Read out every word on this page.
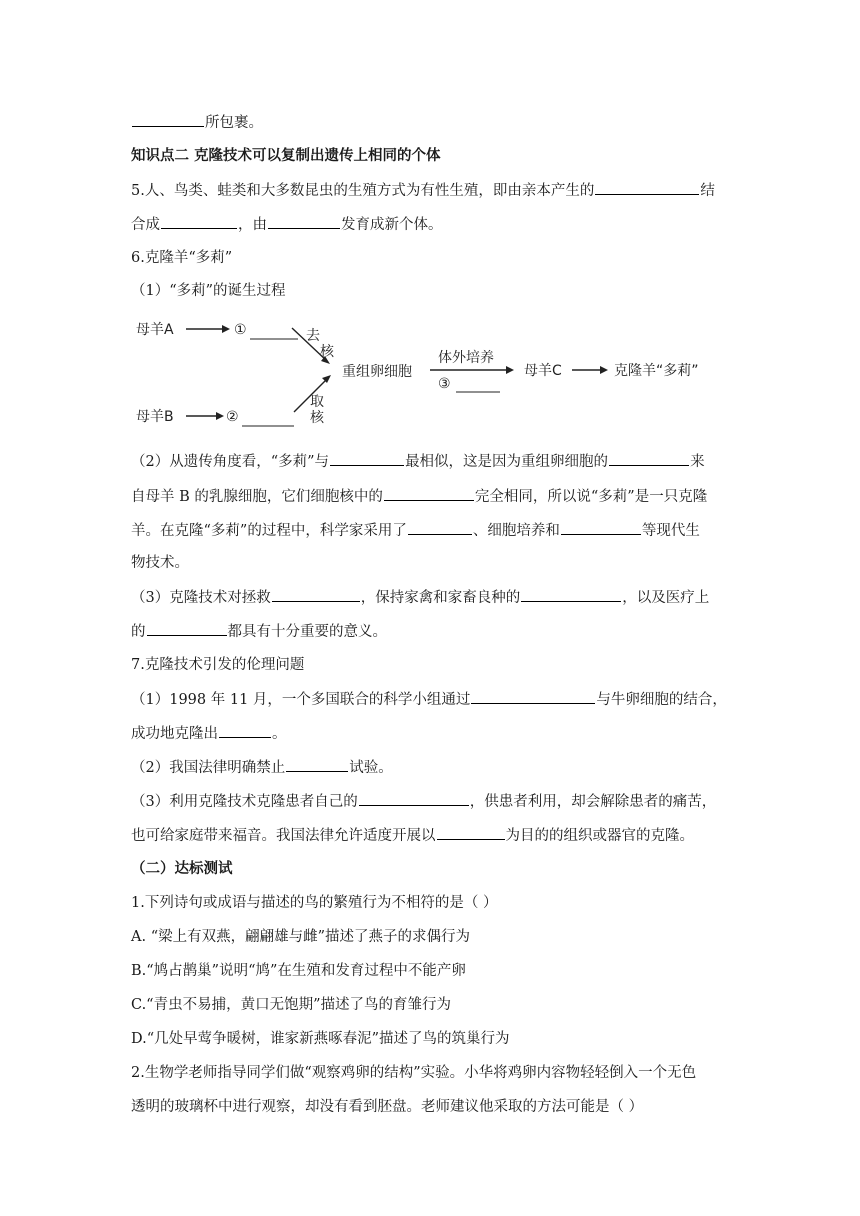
所包裹。
知识点二 克隆技术可以复制出遗传上相同的个体
5.人、鸟类、蛙类和大多数昆虫的生殖方式为有性生殖，即由亲本产生的	结
合成	，由	发育成新个体。
6.克隆羊“多莉”
（1）“多莉”的诞生过程
母羊A	①	去
核
母羊B	②
取
核
重组卵细胞
体外培养
③
母羊C	克隆羊“多莉”
（2）从遗传角度看，“多莉”与	最相似，这是因为重组卵细胞的	来
自母羊 B 的乳腺细胞，它们细胞核中的	完全相同，所以说“多莉”是一只克隆
羊。在克隆“多莉”的过程中，科学家采用了	、细胞培养和	等现代生
物技术。
（3）克隆技术对拯救	，保持家禽和家畜良种的	，以及医疗上
的	都具有十分重要的意义。
7.克隆技术引发的伦理问题
（1）1998 年 11 月，一个多国联合的科学小组通过	与牛卵细胞的结合，
成功地克隆出	。
（2）我国法律明确禁止	试验。
（3）利用克隆技术克隆患者自己的	，供患者利用，却会解除患者的痛苦，
也可给家庭带来福音。我国法律允许适度开展以	为目的的组织或器官的克隆。
（二）达标测试
1.下列诗句或成语与描述的鸟的繁殖行为不相符的是（ ）
A. “梁上有双燕，翩翩雄与雌”描述了燕子的求偶行为
B.“鸠占鹊巢”说明“鸠”在生殖和发育过程中不能产卵
C.“青虫不易捕，黄口无饱期”描述了鸟的育雏行为
D.“几处早莺争暖树，谁家新燕啄春泥”描述了鸟的筑巢行为
2.生物学老师指导同学们做“观察鸡卵的结构”实验。小华将鸡卵内容物轻轻倒入一个无色
透明的玻璃杯中进行观察，却没有看到胚盘。老师建议他采取的方法可能是（ ）
